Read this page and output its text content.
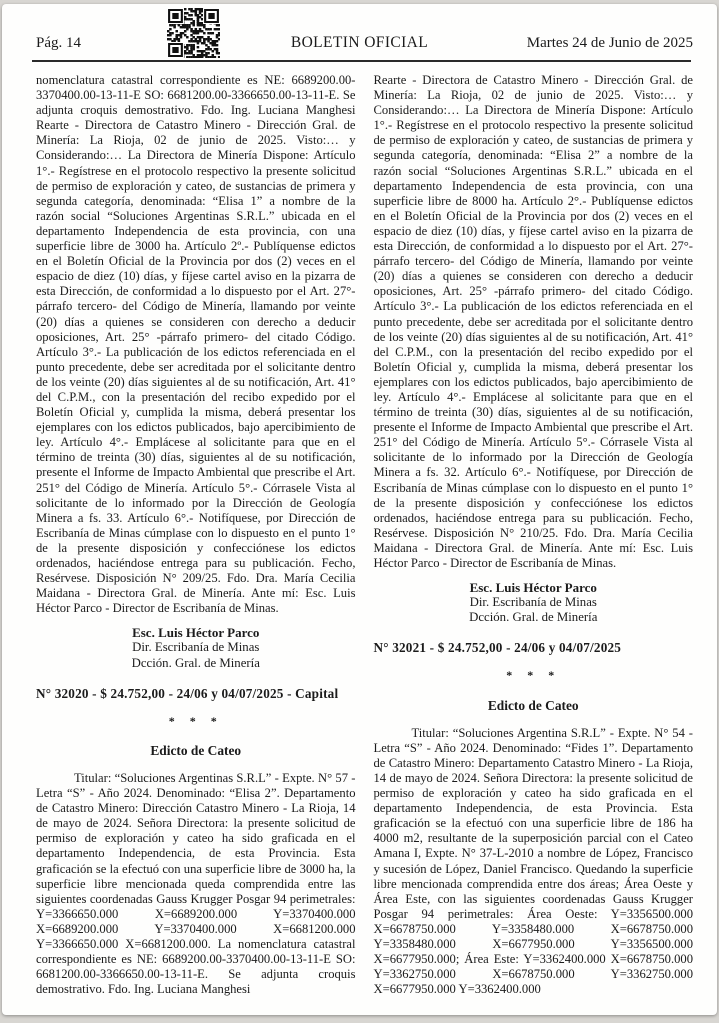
Pág. 14	BOLETIN OFICIAL	Martes 24 de Junio de 2025

nomenclatura catastral correspondiente es NE: 6689200.00-3370400.00-13-11-E SO: 6681200.00-3366650.00-13-11-E. Se adjunta croquis demostrativo. Fdo. Ing. Luciana Manghesi Rearte - Directora de Catastro Minero - Dirección Gral. de Minería: La Rioja, 02 de junio de 2025. Visto:… y Considerando:… La Directora de Minería Dispone: Artículo 1°.- Regístrese en el protocolo respectivo la presente solicitud de permiso de exploración y cateo, de sustancias de primera y segunda categoría, denominada: “Elisa 1” a nombre de la razón social “Soluciones Argentinas S.R.L.” ubicada en el departamento Independencia de esta provincia, con una superficie libre de 3000 ha. Artículo 2º.- Publíquense edictos en el Boletín Oficial de la Provincia por dos (2) veces en el espacio de diez (10) días, y fíjese cartel aviso en la pizarra de esta Dirección, de conformidad a lo dispuesto por el Art. 27°- párrafo tercero- del Código de Minería, llamando por veinte (20) días a quienes se consideren con derecho a deducir oposiciones, Art. 25° -párrafo primero- del citado Código. Artículo 3°.- La publicación de los edictos referenciada en el punto precedente, debe ser acreditada por el solicitante dentro de los veinte (20) días siguientes al de su notificación, Art. 41° del C.P.M., con la presentación del recibo expedido por el Boletín Oficial y, cumplida la misma, deberá presentar los ejemplares con los edictos publicados, bajo apercibimiento de ley. Artículo 4°.- Emplácese al solicitante para que en el término de treinta (30) días, siguientes al de su notificación, presente el Informe de Impacto Ambiental que prescribe el Art. 251° del Código de Minería. Artículo 5°.- Córrasele Vista al solicitante de lo informado por la Dirección de Geología Minera a fs. 33. Artículo 6°.- Notifíquese, por Dirección de Escribanía de Minas cúmplase con lo dispuesto en el punto 1° de la presente disposición y confecciónese los edictos ordenados, haciéndose entrega para su publicación. Fecho, Resérvese. Disposición N° 209/25. Fdo. Dra. María Cecilia Maidana - Directora Gral. de Minería. Ante mí: Esc. Luis Héctor Parco - Director de Escribanía de Minas.

Esc. Luis Héctor Parco
Dir. Escribanía de Minas
Dcción. Gral. de Minería

N° 32020 - $ 24.752,00 - 24/06 y 04/07/2025 - Capital

* * *
Edicto de Cateo

Titular: “Soluciones Argentinas S.R.L” - Expte. N° 57 - Letra “S” - Año 2024. Denominado: “Elisa 2”. Departamento de Catastro Minero: Dirección Catastro Minero - La Rioja, 14 de mayo de 2024. Señora Directora: la presente solicitud de permiso de exploración y cateo ha sido graficada en el departamento Independencia, de esta Provincia. Esta graficación se la efectuó con una superficie libre de 3000 ha, la superficie libre mencionada queda comprendida entre las siguientes coordenadas Gauss Krugger Posgar 94 perimetrales: Y=3366650.000 X=6689200.000 Y=3370400.000 X=6689200.000 Y=3370400.000 X=6681200.000 Y=3366650.000 X=6681200.000. La nomenclatura catastral correspondiente es NE: 6689200.00-3370400.00-13-11-E SO: 6681200.00-3366650.00-13-11-E. Se adjunta croquis demostrativo. Fdo. Ing. Luciana Manghesi

Rearte - Directora de Catastro Minero - Dirección Gral. de Minería: La Rioja, 02 de junio de 2025. Visto:… y Considerando:… La Directora de Minería Dispone: Artículo 1°.- Regístrese en el protocolo respectivo la presente solicitud de permiso de exploración y cateo, de sustancias de primera y segunda categoría, denominada: “Elisa 2” a nombre de la razón social “Soluciones Argentinas S.R.L.” ubicada en el departamento Independencia de esta provincia, con una superficie libre de 8000 ha. Artículo 2°.- Publíquense edictos en el Boletín Oficial de la Provincia por dos (2) veces en el espacio de diez (10) días, y fíjese cartel aviso en la pizarra de esta Dirección, de conformidad a lo dispuesto por el Art. 27°- párrafo tercero- del Código de Minería, llamando por veinte (20) días a quienes se consideren con derecho a deducir oposiciones, Art. 25° -párrafo primero- del citado Código. Artículo 3°.- La publicación de los edictos referenciada en el punto precedente, debe ser acreditada por el solicitante dentro de los veinte (20) días siguientes al de su notificación, Art. 41° del C.P.M., con la presentación del recibo expedido por el Boletín Oficial y, cumplida la misma, deberá presentar los ejemplares con los edictos publicados, bajo apercibimiento de ley. Artículo 4°.- Emplácese al solicitante para que en el término de treinta (30) días, siguientes al de su notificación, presente el Informe de Impacto Ambiental que prescribe el Art. 251° del Código de Minería. Artículo 5°.- Córrasele Vista al solicitante de lo informado por la Dirección de Geología Minera a fs. 32. Artículo 6°.- Notifíquese, por Dirección de Escribanía de Minas cúmplase con lo dispuesto en el punto 1° de la presente disposición y confecciónese los edictos ordenados, haciéndose entrega para su publicación. Fecho, Resérvese. Disposición N° 210/25. Fdo. Dra. María Cecilia Maidana - Directora Gral. de Minería. Ante mí: Esc. Luis Héctor Parco - Director de Escribanía de Minas.

Esc. Luis Héctor Parco
Dir. Escribanía de Minas
Dcción. Gral. de Minería

N° 32021 - $ 24.752,00 - 24/06 y 04/07/2025

* * *
Edicto de Cateo

Titular: “Soluciones Argentina S.R.L” - Expte. N° 54 - Letra “S” - Año 2024. Denominado: “Fides 1”. Departamento de Catastro Minero: Departamento Catastro Minero - La Rioja, 14 de mayo de 2024. Señora Directora: la presente solicitud de permiso de exploración y cateo ha sido graficada en el departamento Independencia, de esta Provincia. Esta graficación se la efectuó con una superficie libre de 186 ha 4000 m2, resultante de la superposición parcial con el Cateo Amana I, Expte. N° 37-L-2010 a nombre de López, Francisco y sucesión de López, Daniel Francisco. Quedando la superficie libre mencionada comprendida entre dos áreas; Área Oeste y Área Este, con las siguientes coordenadas Gauss Krugger Posgar 94 perimetrales: Área Oeste: Y=3356500.000 X=6678750.000 Y=3358480.000 X=6678750.000 Y=3358480.000 X=6677950.000 Y=3356500.000 X=6677950.000; Área Este: Y=3362400.000 X=6678750.000 Y=3362750.000 X=6678750.000 Y=3362750.000 X=6677950.000 Y=3362400.000
